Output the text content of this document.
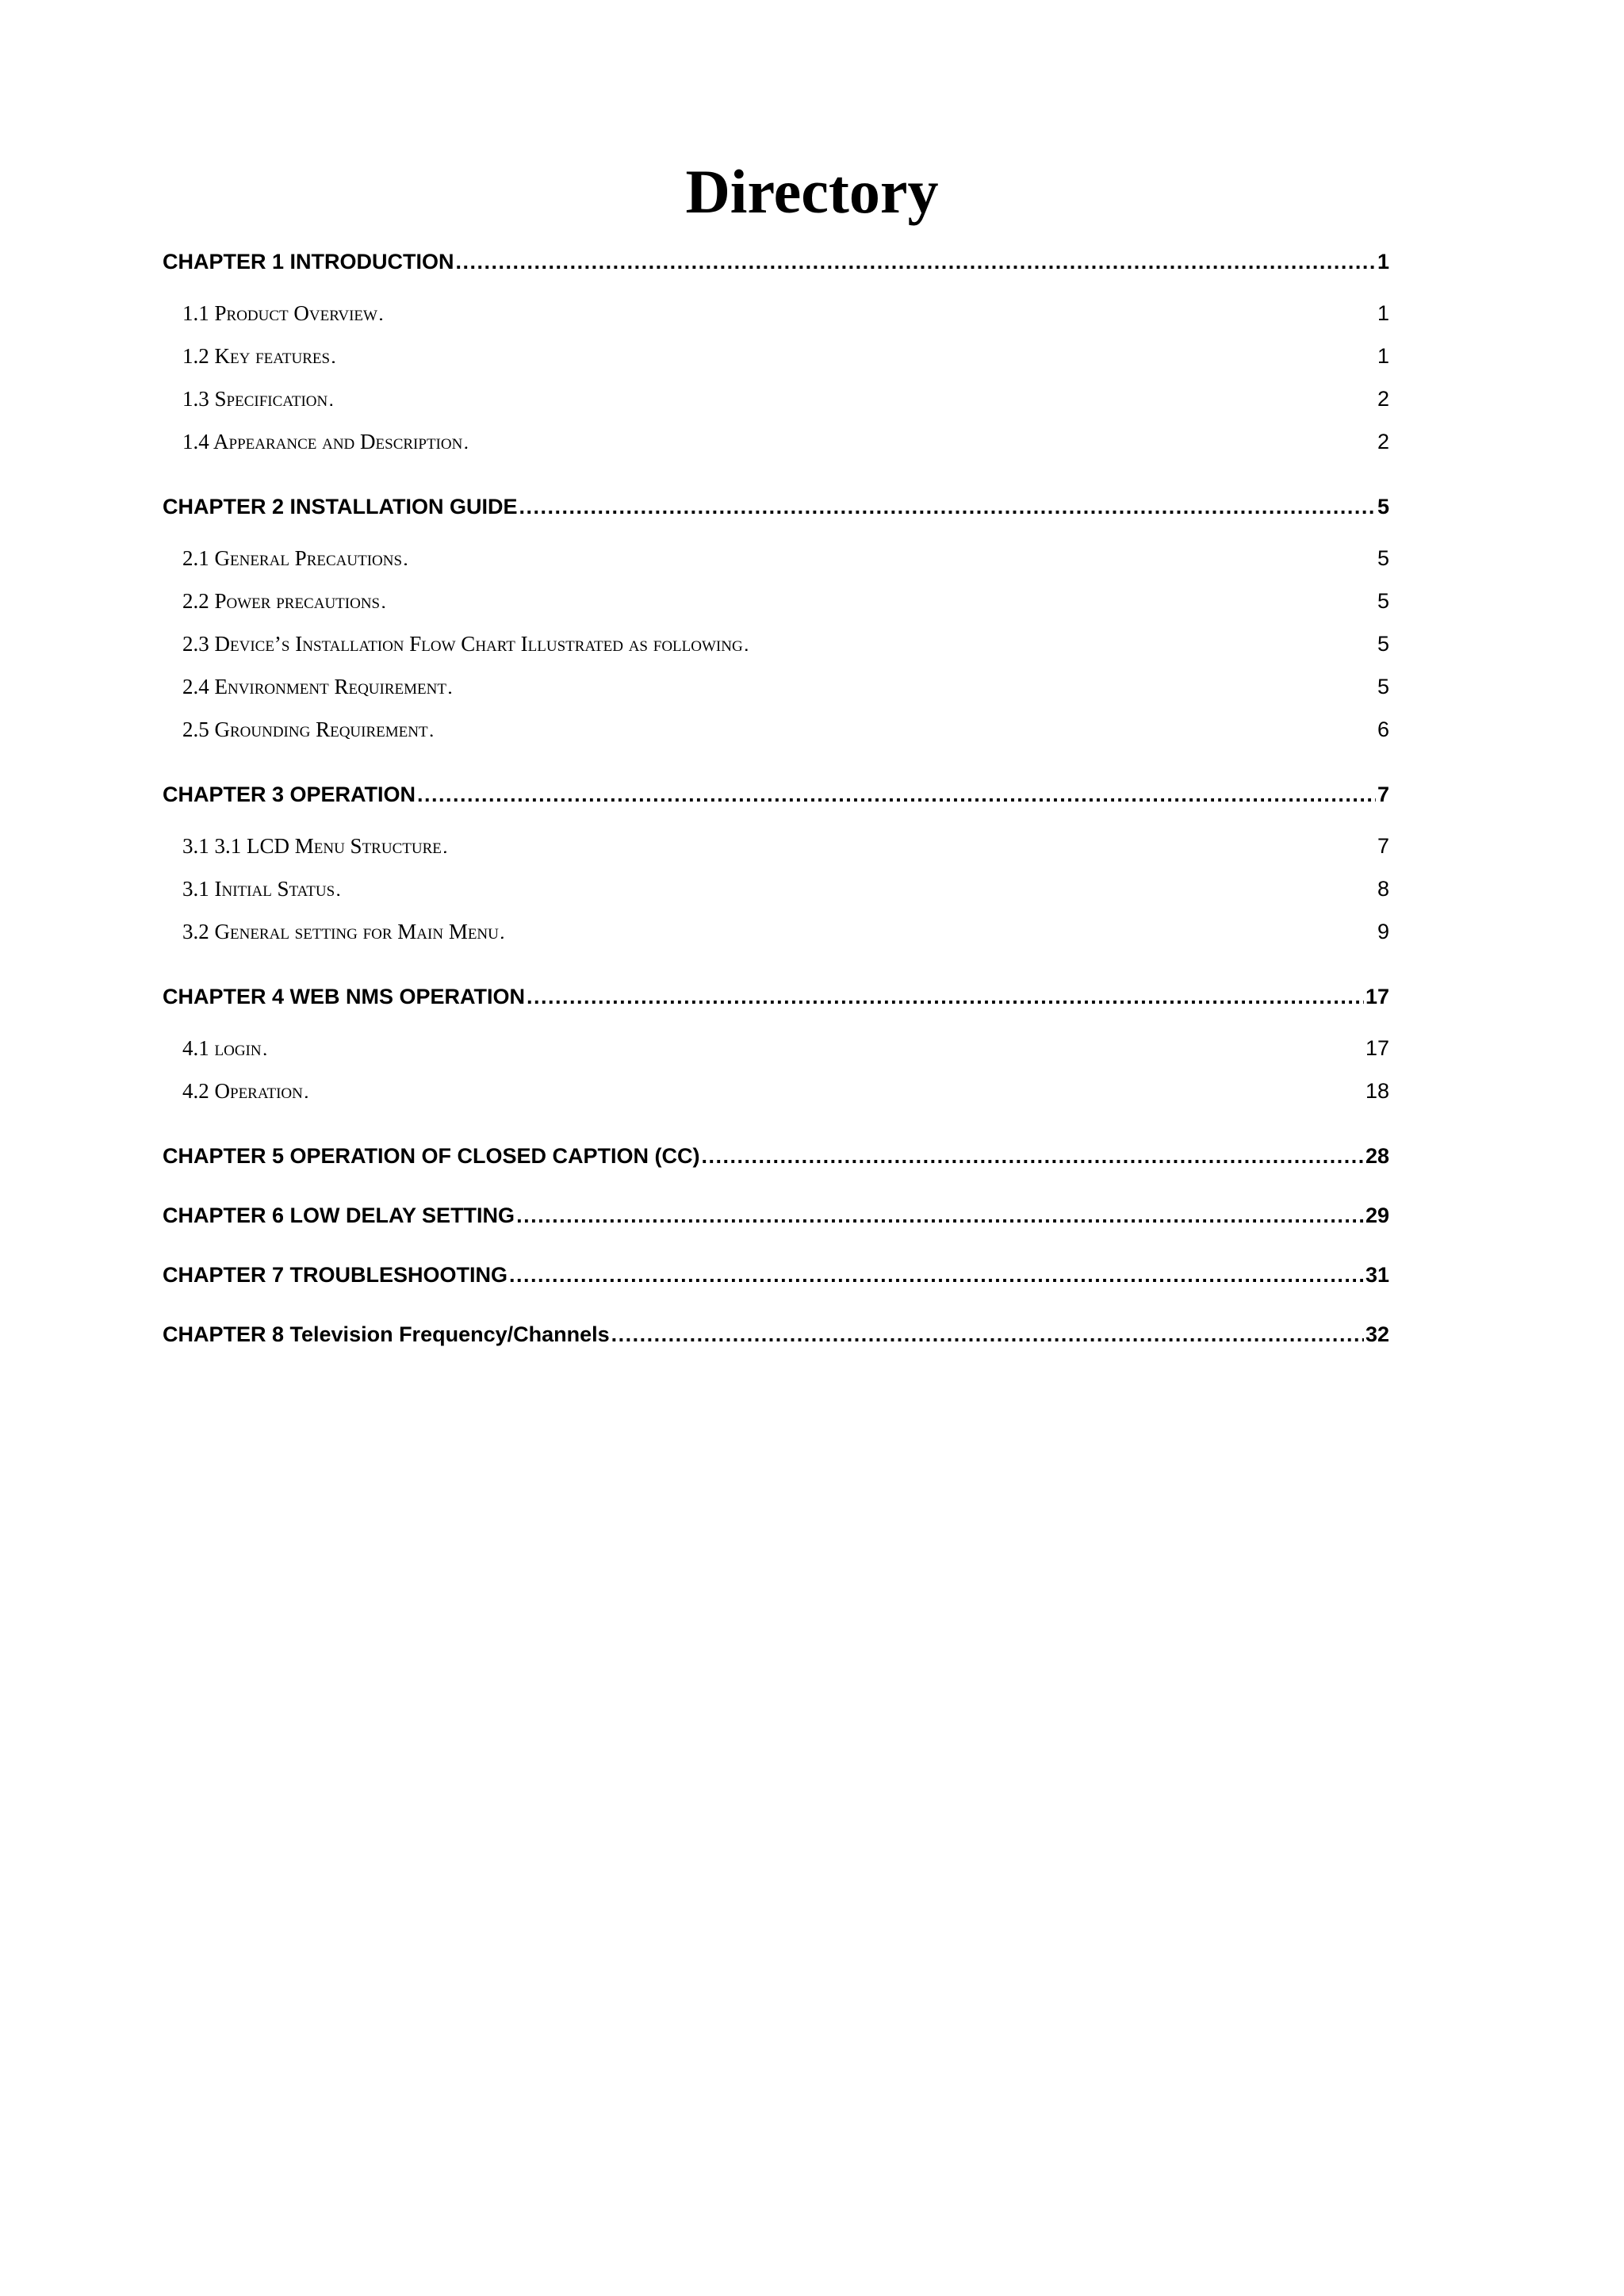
Directory
CHAPTER 1 INTRODUCTION . . .	1
1.1 Product Overview . . .	1
1.2 Key features . . .	1
1.3 Specification . . .	2
1.4 Appearance and Description . . .	2
CHAPTER 2 INSTALLATION GUIDE . . .	5
2.1 General Precautions . . .	5
2.2 Power precautions . . .	5
2.3 Device’s Installation Flow Chart Illustrated as following . . .	5
2.4 Environment Requirement . . .	5
2.5 Grounding Requirement . . .	6
CHAPTER 3 OPERATION . . .	7
3.1 3.1 LCD Menu Structure . . .	7
3.1 Initial Status . . .	8
3.2 General setting for Main Menu . . .	9
CHAPTER 4 WEB NMS OPERATION . . .	17
4.1 login . . .	17
4.2 Operation . . .	18
CHAPTER 5 OPERATION OF CLOSED CAPTION (CC) . . .	28
CHAPTER 6 LOW DELAY SETTING . . .	29
CHAPTER 7 TROUBLESHOOTING . . .	31
CHAPTER 8 Television Frequency/Channels . . .	32
